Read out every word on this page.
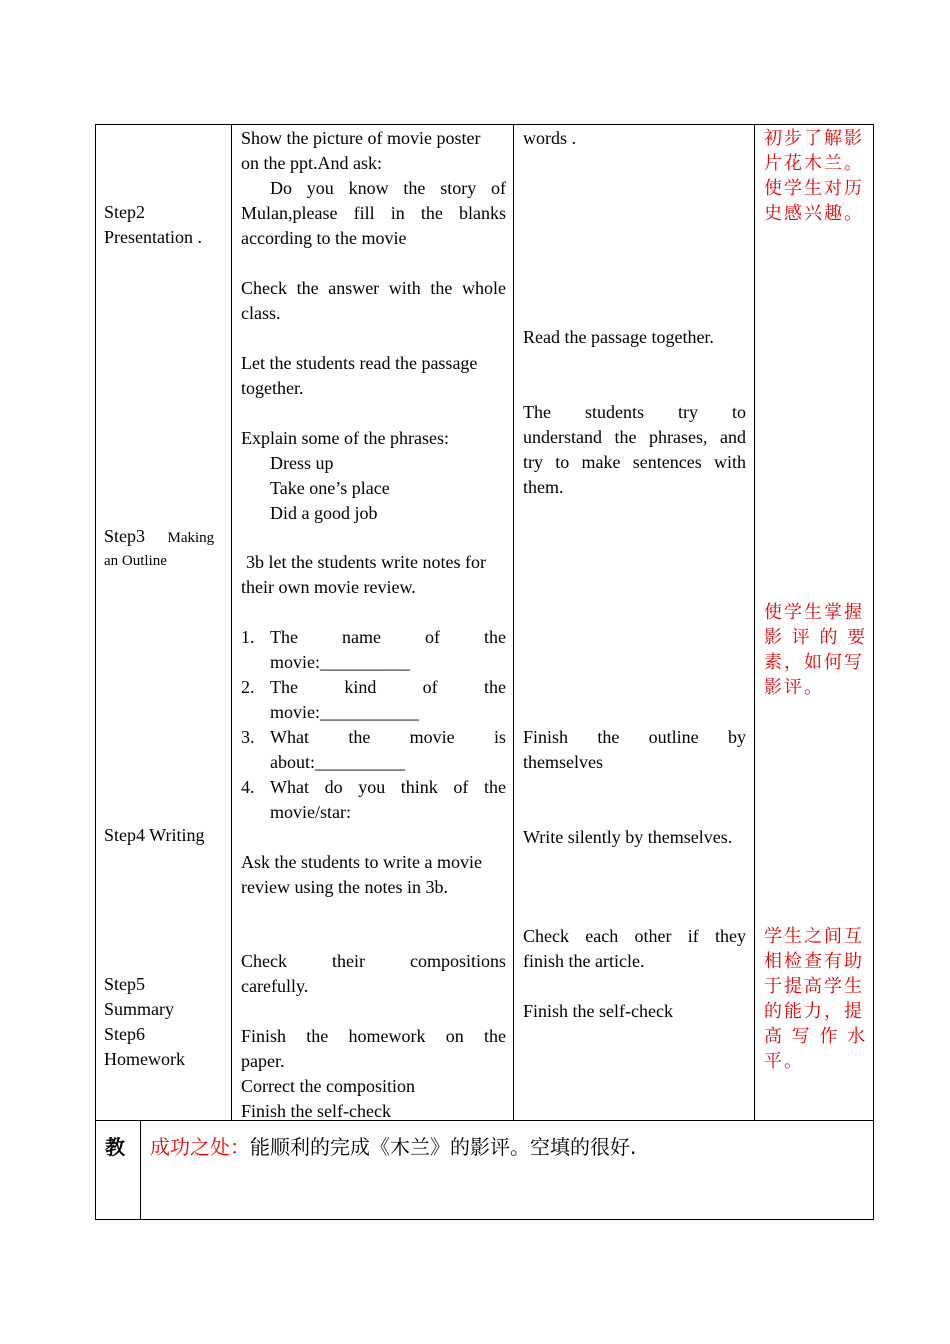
Step2
Presentation .
Step3 Making
an Outline
Step4 Writing
Step5
Summary
Step6
Homework
Show the picture of movie poster
on the ppt.And ask:
Do you know the story of
Mulan,please fill in the blanks
according to the movie
Check the answer with the whole
class.
Let the students read the passage
together.
Explain some of the phrases:
Dress up
Take one’s place
Did a good job
3b let the students write notes for
their own movie review.
1. The name of the
movie:__________
2. The kind of the
movie:___________
3. What the movie is
about:__________
4. What do you think of the
movie/star:
Ask the students to write a movie
review using the notes in 3b.
Check their compositions
carefully.
Finish the homework on the
paper.
Correct the composition
Finish the self-check
words .
Read the passage together.
The students try to
understand the phrases, and
try to make sentences with
them.
Finish the outline by
themselves
Write silently by themselves.
Check each other if they
finish the article.
Finish the self-check
初步了解影
片花木兰。
使学生对历
史感兴趣。
使学生掌握
影 评 的 要
素，如何写
影评。
学生之间互
相检查有助
于提高学生
的能力，提
高 写 作 水
平。
教 成功之处：能顺利的完成《木兰》的影评。空填的很好.
